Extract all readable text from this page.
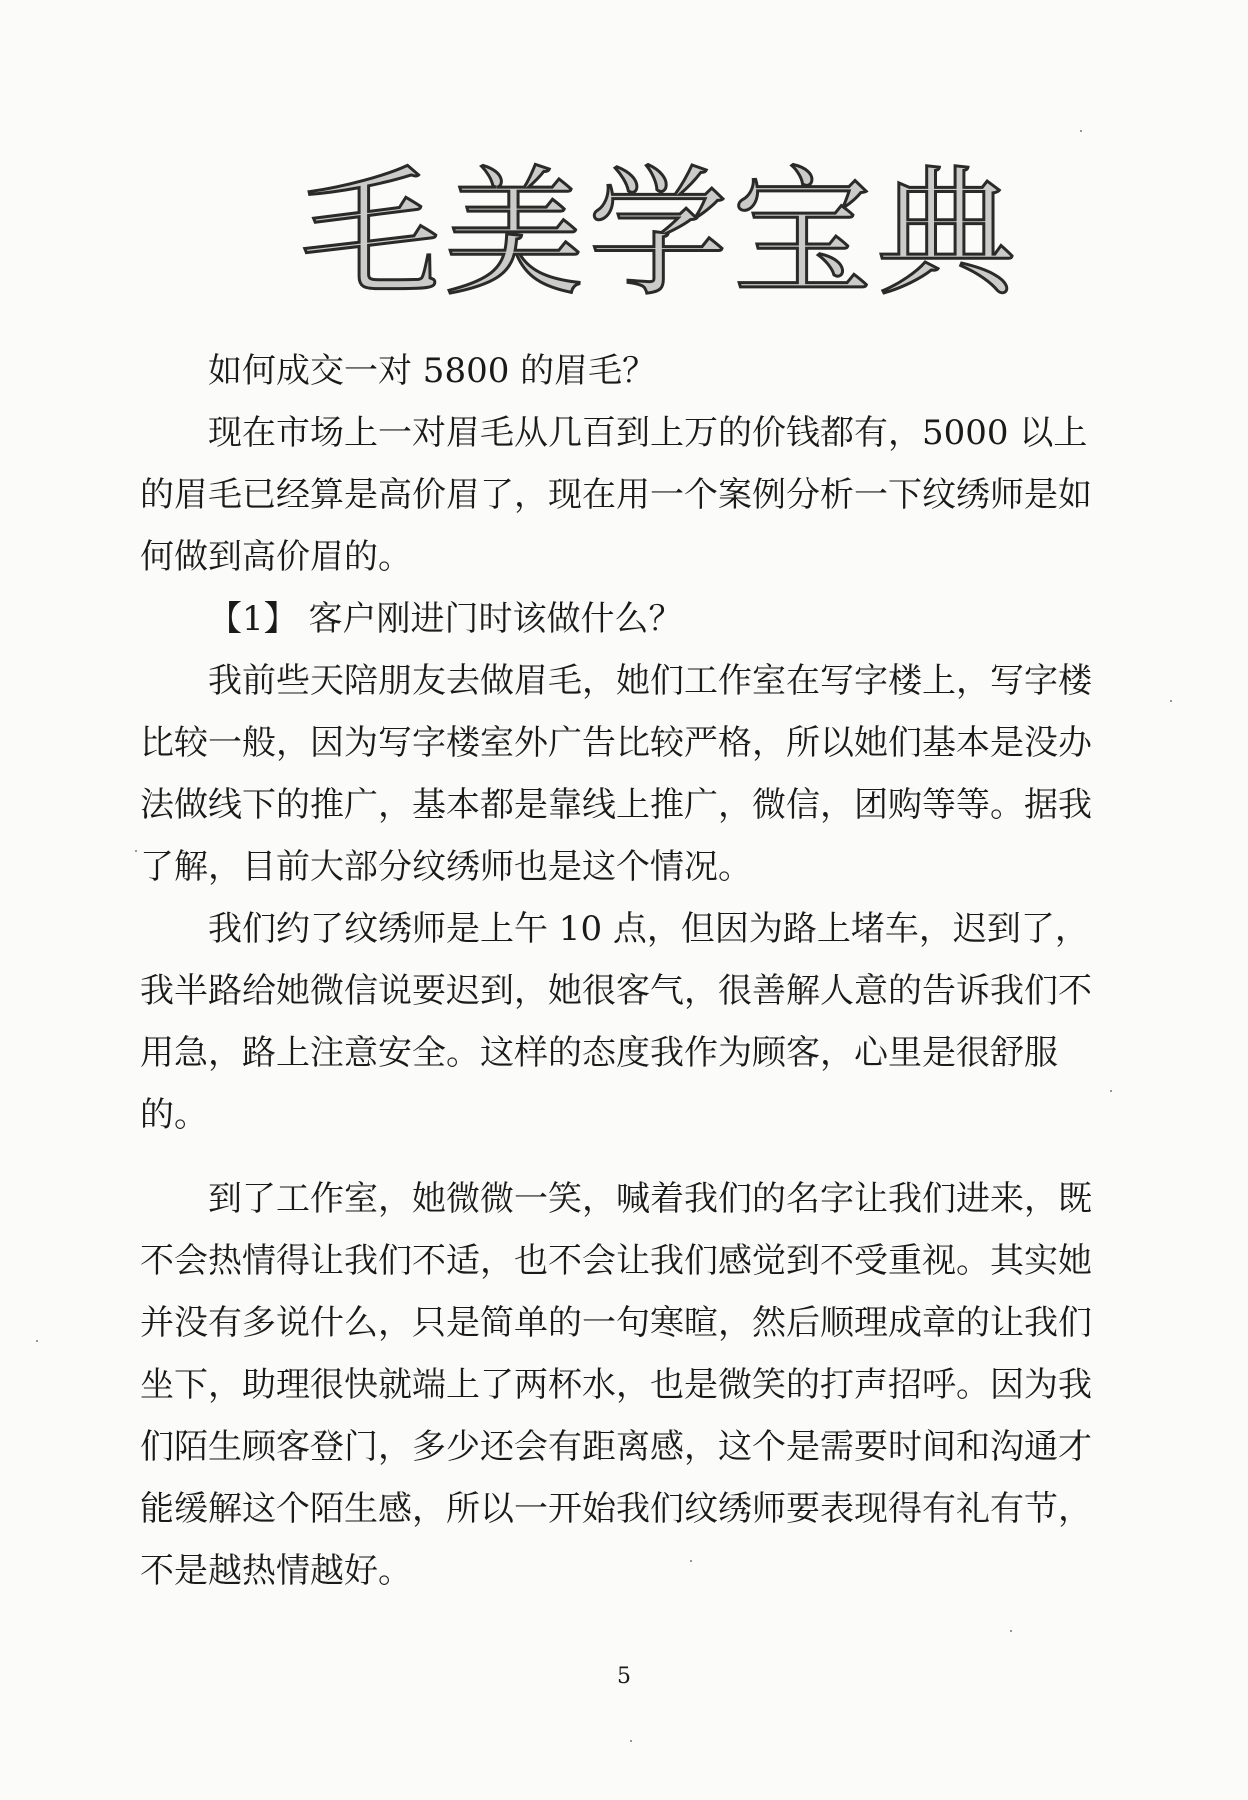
毛美学宝典

如何成交一对 5800 的眉毛？

现在市场上一对眉毛从几百到上万的价钱都有，5000 以上的眉毛已经算是高价眉了，现在用一个案例分析一下纹绣师是如何做到高价眉的。

【1】 客户刚进门时该做什么？

我前些天陪朋友去做眉毛，她们工作室在写字楼上，写字楼比较一般，因为写字楼室外广告比较严格，所以她们基本是没办法做线下的推广，基本都是靠线上推广，微信，团购等等。据我了解，目前大部分纹绣师也是这个情况。

我们约了纹绣师是上午 10 点，但因为路上堵车，迟到了，我半路给她微信说要迟到，她很客气，很善解人意的告诉我们不用急，路上注意安全。这样的态度我作为顾客，心里是很舒服的。

到了工作室，她微微一笑，喊着我们的名字让我们进来，既不会热情得让我们不适，也不会让我们感觉到不受重视。其实她并没有多说什么，只是简单的一句寒暄，然后顺理成章的让我们坐下，助理很快就端上了两杯水，也是微笑的打声招呼。因为我们陌生顾客登门，多少还会有距离感，这个是需要时间和沟通才能缓解这个陌生感，所以一开始我们纹绣师要表现得有礼有节，不是越热情越好。

5
